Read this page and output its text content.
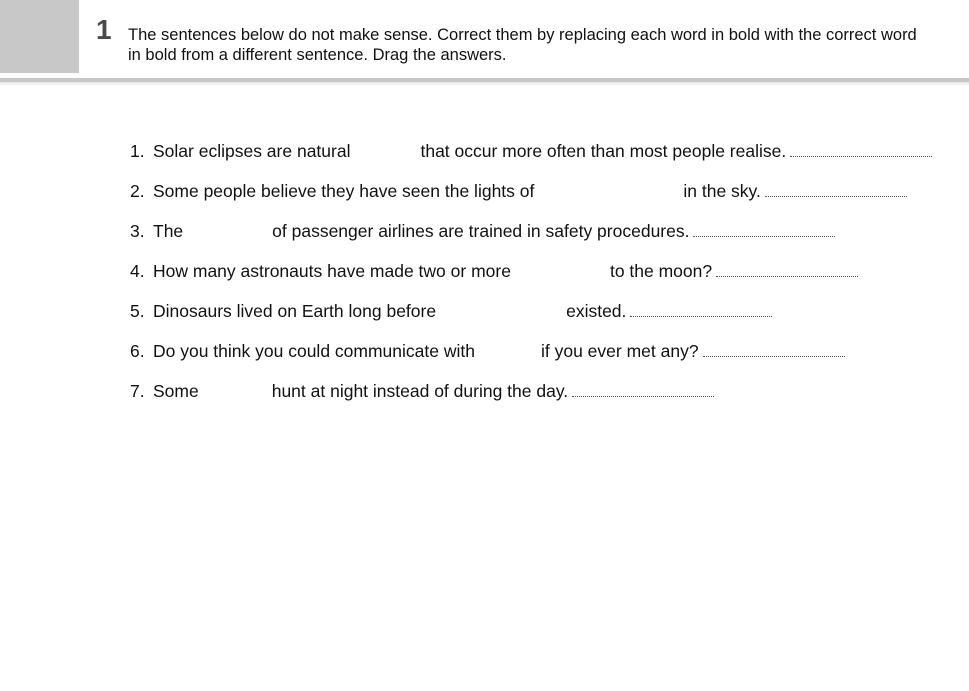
1 The sentences below do not make sense. Correct them by replacing each word in bold with the correct word in bold from a different sentence. Drag the answers.
1. Solar eclipses are natural	that occur more often than most people realise.
2. Some people believe they have seen the lights of	in the sky.
3. The	of passenger airlines are trained in safety procedures.
4. How many astronauts have made two or more	to the moon?
5. Dinosaurs lived on Earth long before	existed.
6. Do you think you could communicate with	if you ever met any?
7. Some	hunt at night instead of during the day.
